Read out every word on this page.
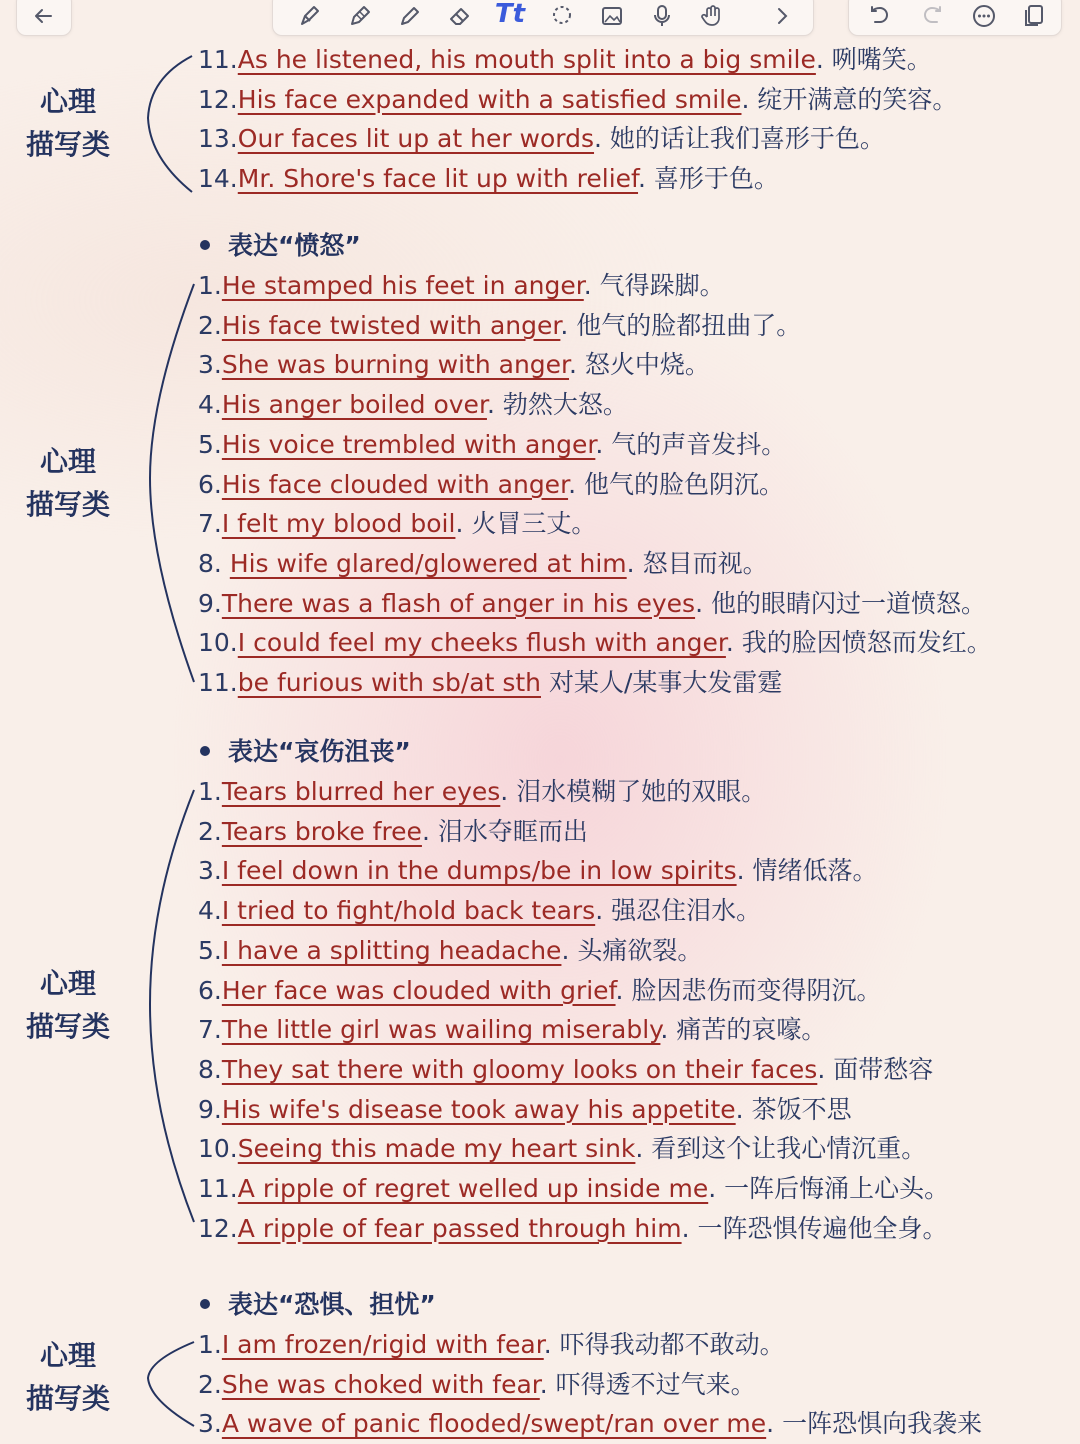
Tt
心理
描写类
11.As he listened, his mouth split into a big smile. 咧嘴笑。
12.His face expanded with a satisfied smile. 绽开满意的笑容。
13.Our faces lit up at her words. 她的话让我们喜形于色。
14.Mr. Shore's face lit up with relief. 喜形于色。
心理
描写类
表达“愤怒”
1.He stamped his feet in anger. 气得跺脚。
2.His face twisted with anger. 他气的脸都扭曲了。
3.She was burning with anger. 怒火中烧。
4.His anger boiled over. 勃然大怒。
5.His voice trembled with anger. 气的声音发抖。
6.His face clouded with anger. 他气的脸色阴沉。
7.I felt my blood boil. 火冒三丈。
8. His wife glared/glowered at him. 怒目而视。
9.There was a flash of anger in his eyes. 他的眼睛闪过一道愤怒。
10.I could feel my cheeks flush with anger. 我的脸因愤怒而发红。
11.be furious with sb/at sth 对某人/某事大发雷霆
心理
描写类
表达“哀伤沮丧”
1.Tears blurred her eyes. 泪水模糊了她的双眼。
2.Tears broke free. 泪水夺眶而出
3.I feel down in the dumps/be in low spirits. 情绪低落。
4.I tried to fight/hold back tears. 强忍住泪水。
5.I have a splitting headache. 头痛欲裂。
6.Her face was clouded with grief. 脸因悲伤而变得阴沉。
7.The little girl was wailing miserably. 痛苦的哀嚎。
8.They sat there with gloomy looks on their faces. 面带愁容
9.His wife's disease took away his appetite. 茶饭不思
10.Seeing this made my heart sink. 看到这个让我心情沉重。
11.A ripple of regret welled up inside me. 一阵后悔涌上心头。
12.A ripple of fear passed through him. 一阵恐惧传遍他全身。
心理
描写类
表达“恐惧、担忧”
1.I am frozen/rigid with fear. 吓得我动都不敢动。
2.She was choked with fear. 吓得透不过气来。
3.A wave of panic flooded/swept/ran over me. 一阵恐惧向我袭来
